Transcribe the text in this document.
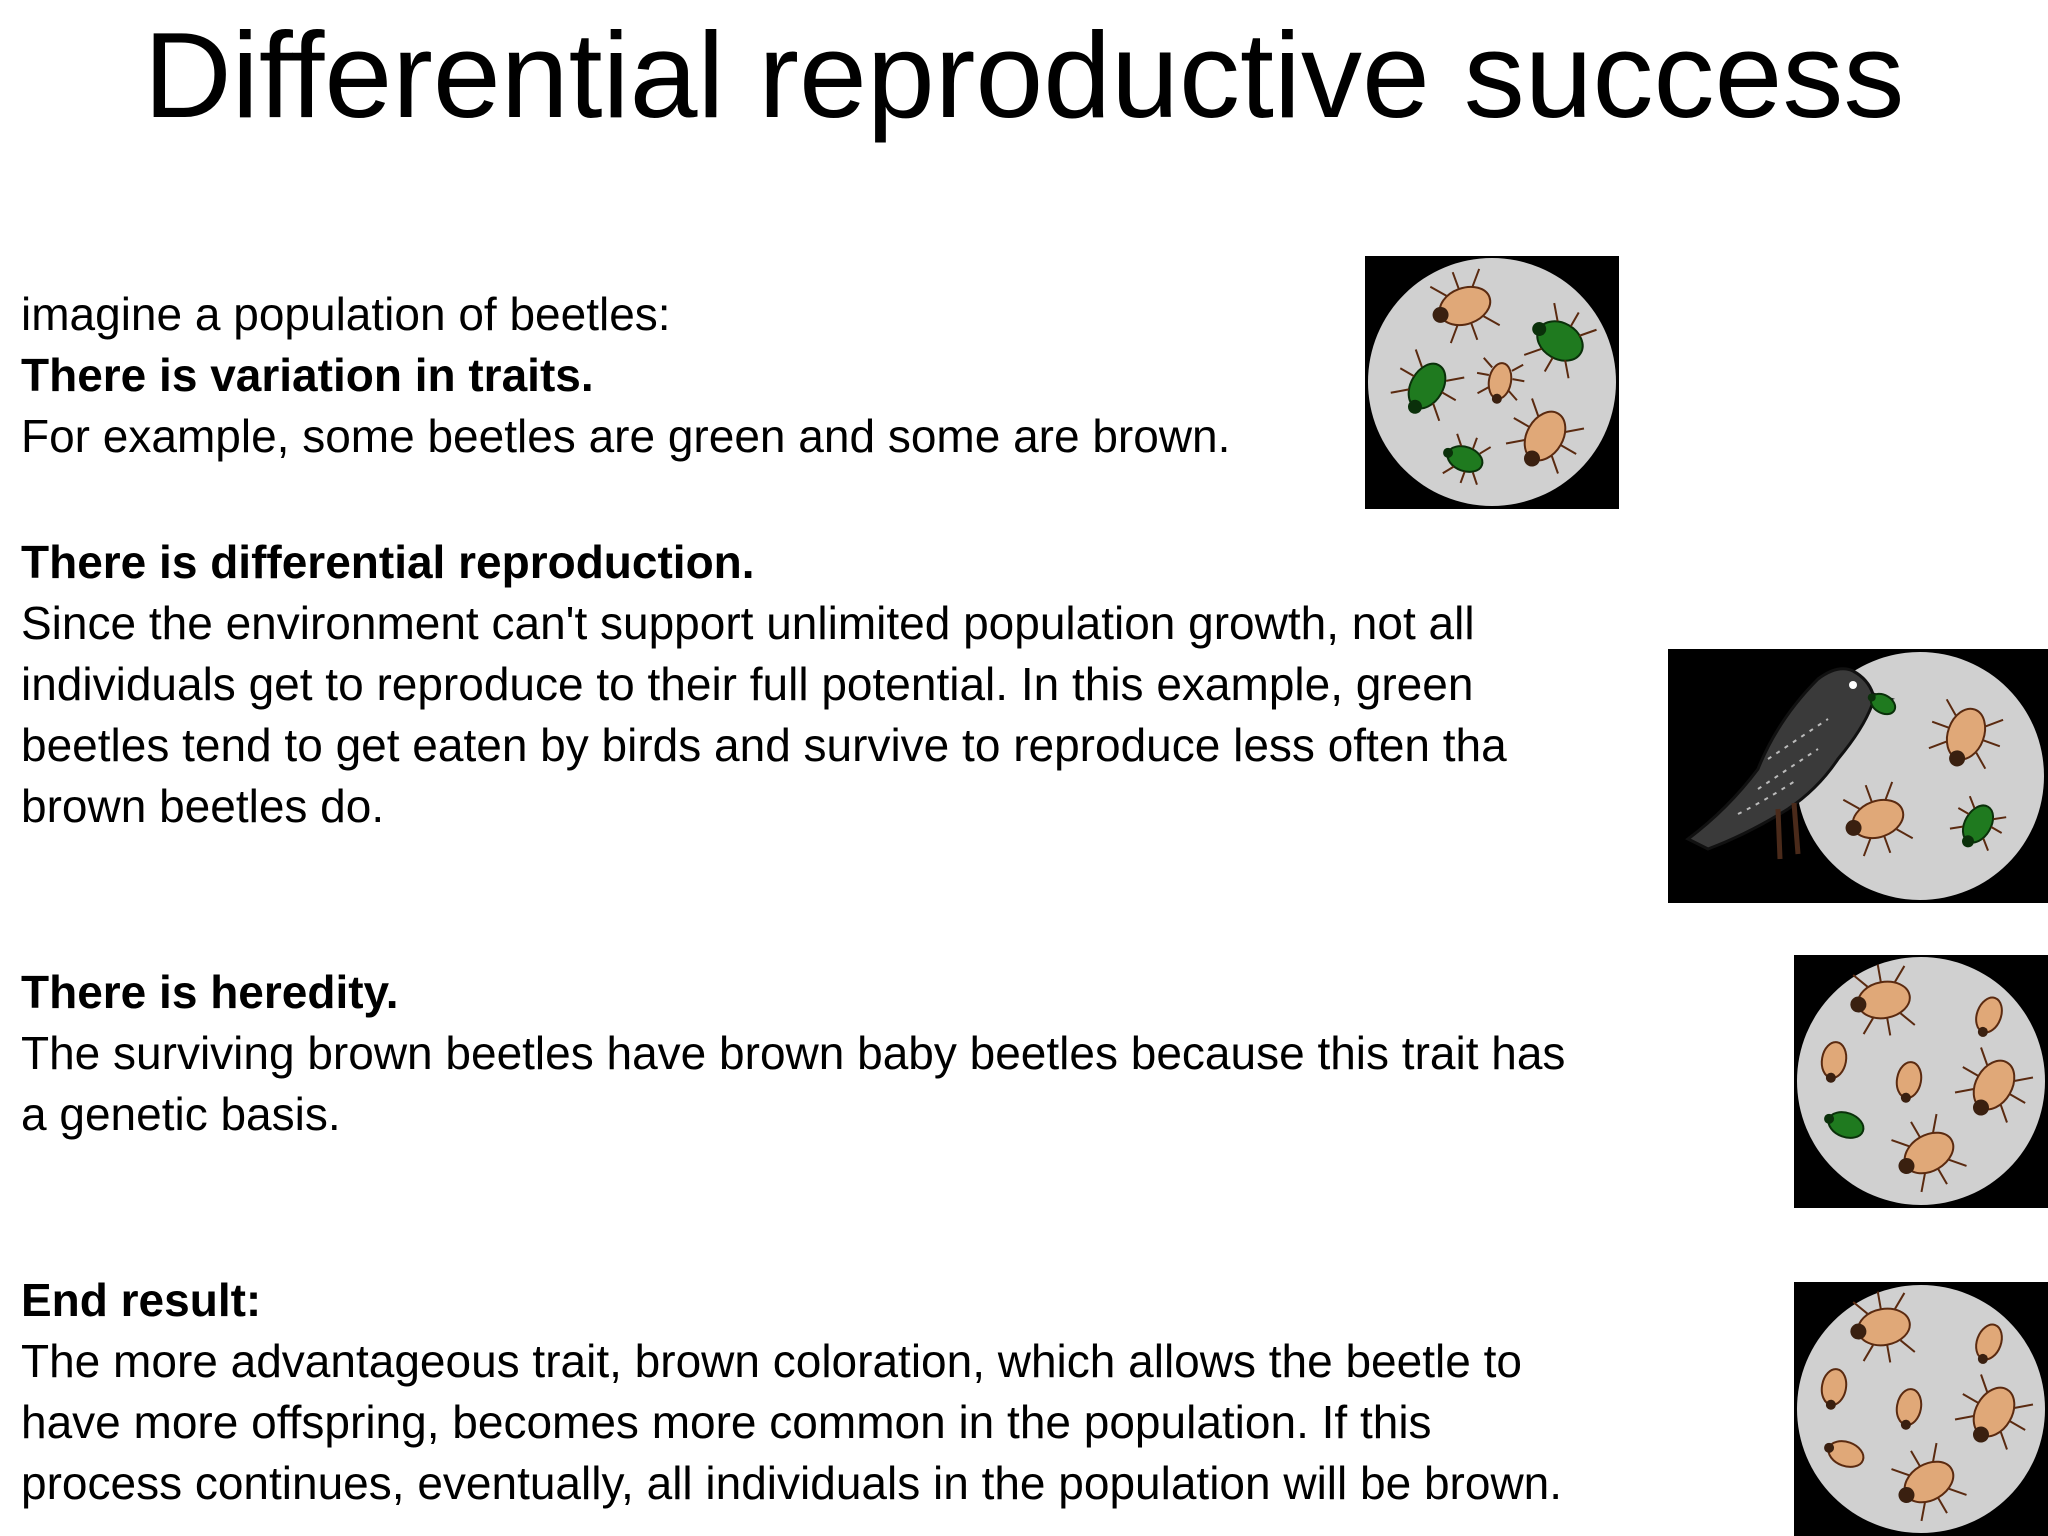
Differential reproductive success
imagine a population of beetles:
There is variation in traits.
For example, some beetles are green and some are brown.
There is differential reproduction.
Since the environment can't support unlimited population growth, not all
individuals get to reproduce to their full potential. In this example, green
beetles tend to get eaten by birds and survive to reproduce less often tha
brown beetles do.
There is heredity.
The surviving brown beetles have brown baby beetles because this trait has
a genetic basis.
End result:
The more advantageous trait, brown coloration, which allows the beetle to
have more offspring, becomes more common in the population. If this
process continues, eventually, all individuals in the population will be brown.
